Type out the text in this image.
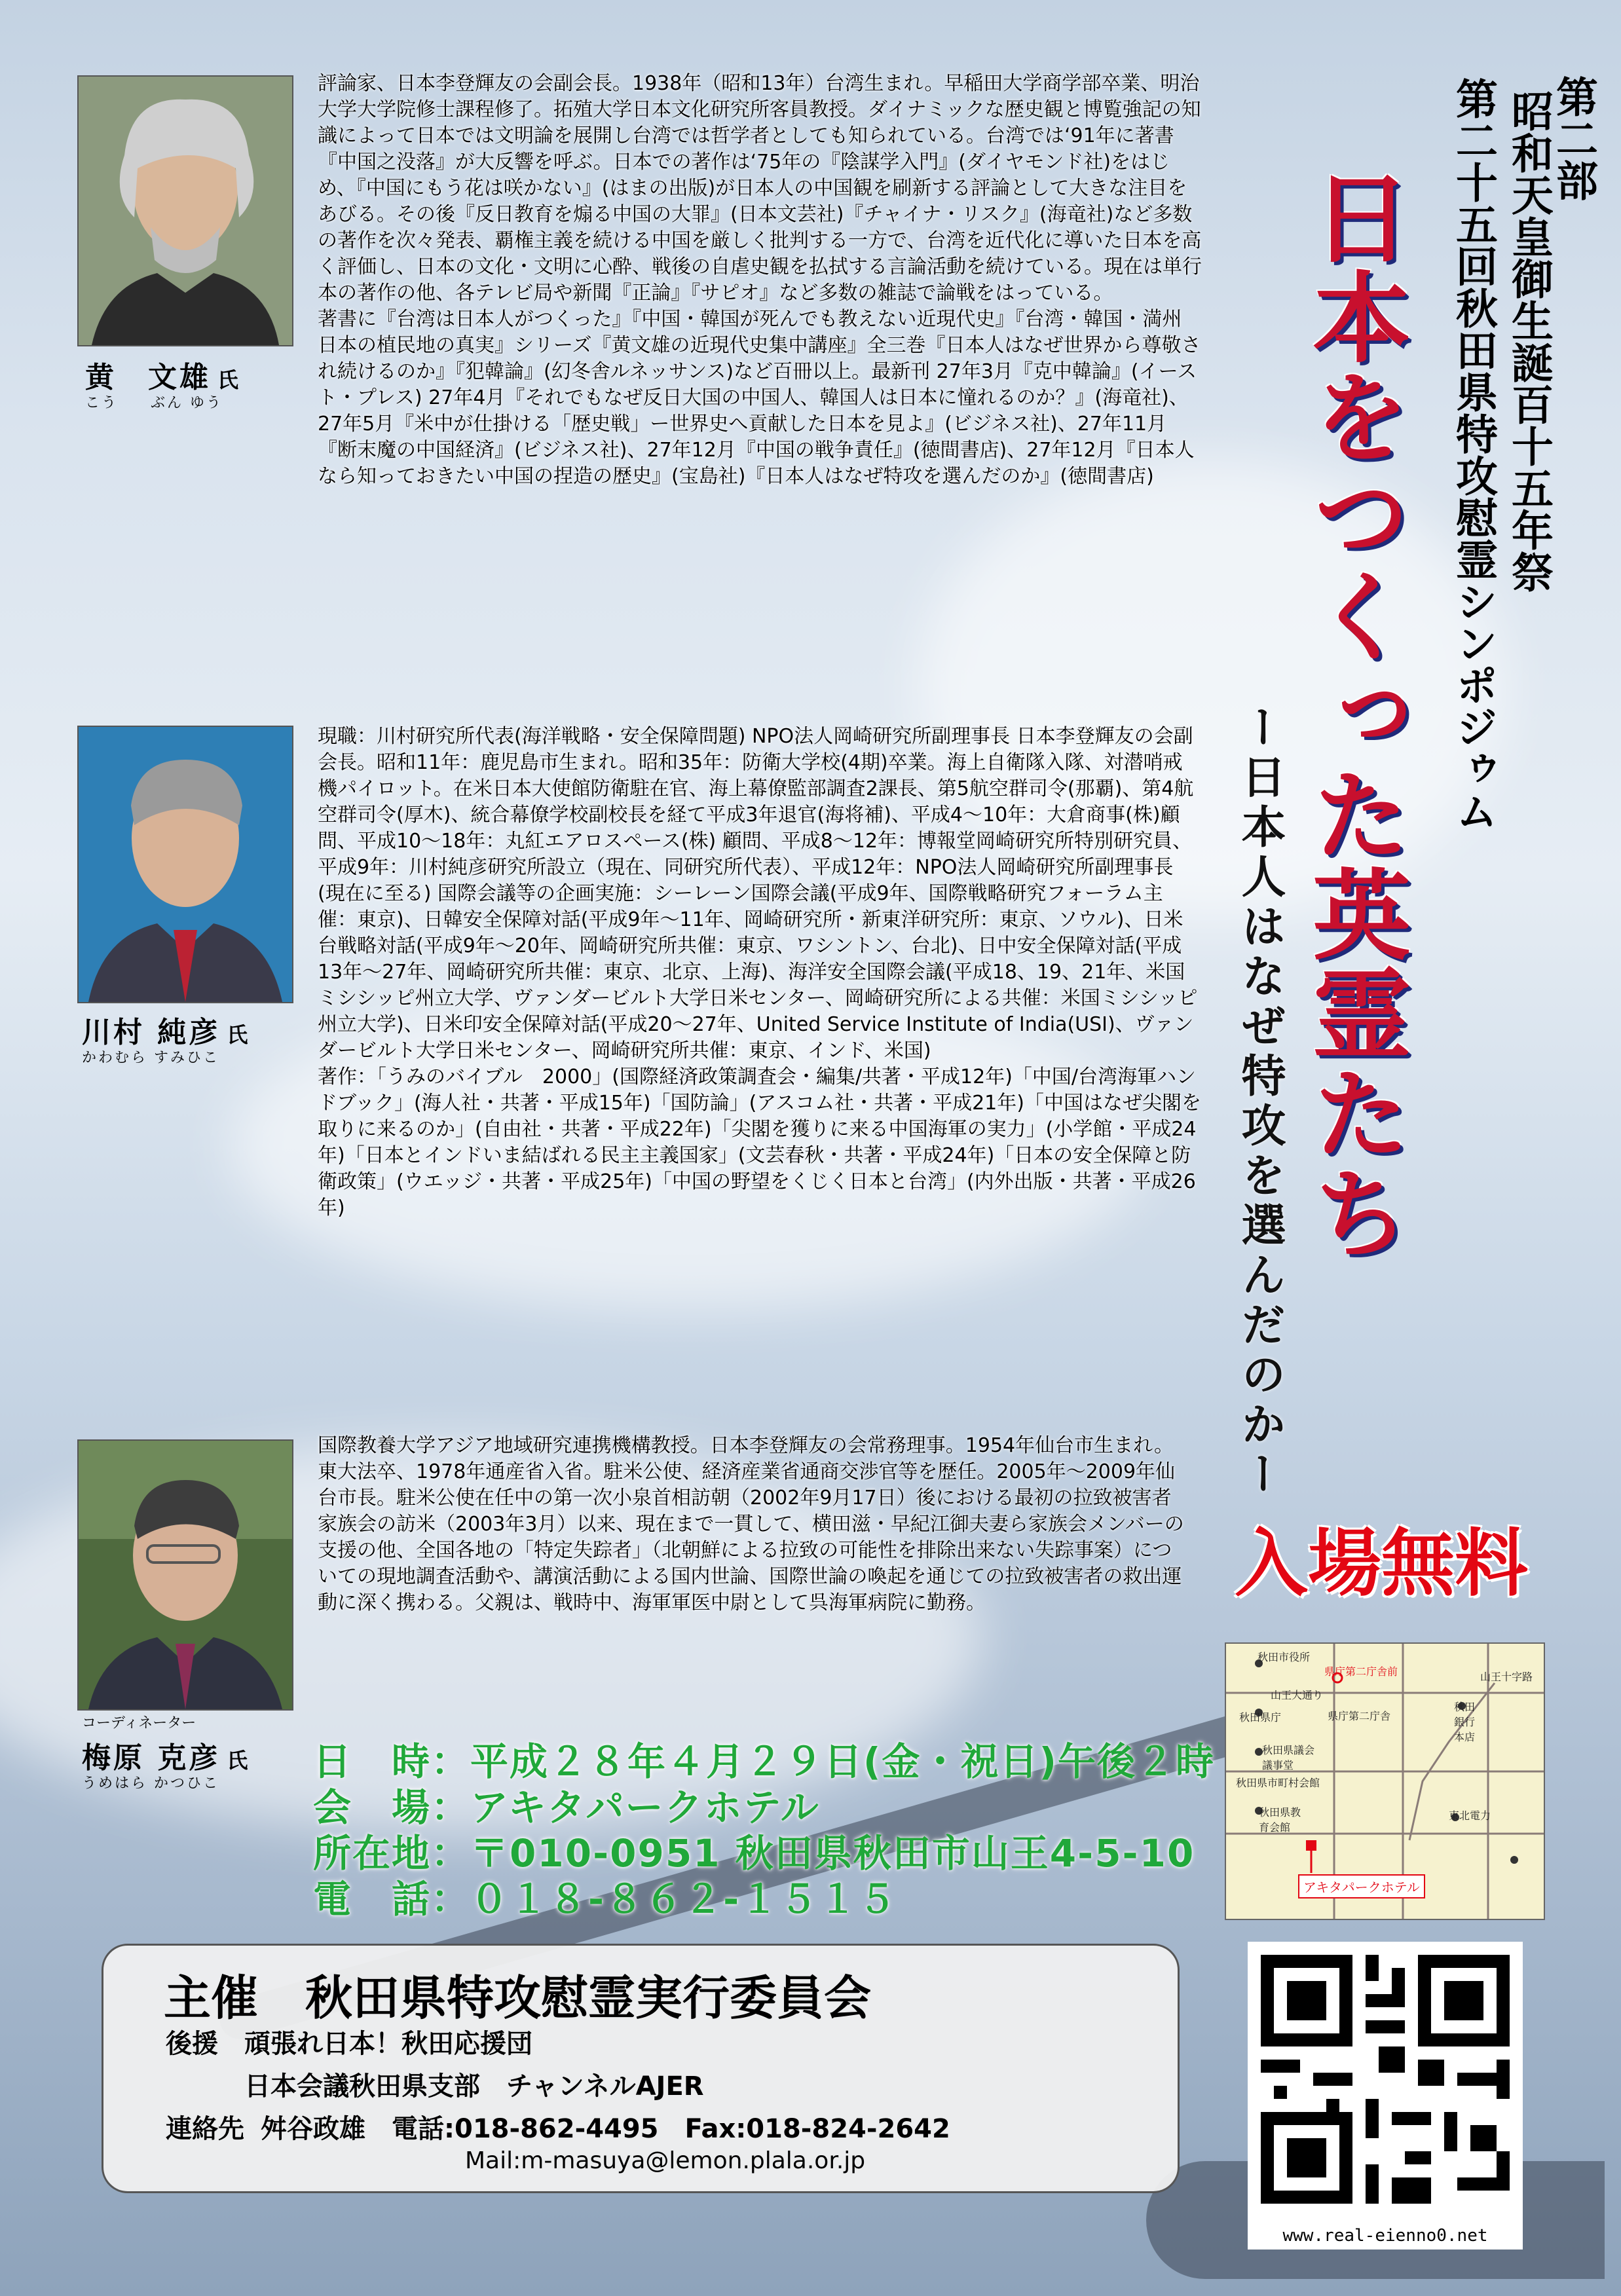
黄　文雄 氏
こう　　ぶん ゆう

評論家、日本李登輝友の会副会長。1938年（昭和13年）台湾生まれ。早稲田大学商学部卒業、明治大学大学院修士課程修了。拓殖大学日本文化研究所客員教授。ダイナミックな歴史観と博覧強記の知識によって日本では文明論を展開し台湾では哲学者としても知られている。台湾では‘91年に著書『中国之没落』が大反響を呼ぶ。日本での著作は‘75年の『陰謀学入門』(ダイヤモンド社)をはじめ、『中国にもう花は咲かない』(はまの出版)が日本人の中国観を刷新する評論として大きな注目をあびる。その後『反日教育を煽る中国の大罪』(日本文芸社)『チャイナ・リスク』(海竜社)など多数の著作を次々発表、覇権主義を続ける中国を厳しく批判する一方で、台湾を近代化に導いた日本を高く評価し、日本の文化・文明に心酔、戦後の自虐史観を払拭する言論活動を続けている。現在は単行本の著作の他、各テレビ局や新聞『正論』『サピオ』など多数の雑誌で論戦をはっている。

著書に『台湾は日本人がつくった』『中国・韓国が死んでも教えない近現代史』『台湾・韓国・満州　日本の植民地の真実』シリーズ『黄文雄の近現代史集中講座』全三巻『日本人はなぜ世界から尊敬され続けるのか』『犯韓論』(幻冬舎ルネッサンス)など百冊以上。最新刊 27年3月『克中韓論』(イースト・プレス) 27年4月『それでもなぜ反日大国の中国人、韓国人は日本に憧れるのか？』(海竜社)、27年5月『米中が仕掛ける「歴史戦」ー世界史へ貢献した日本を見よ』(ビジネス社)、27年11月『断末魔の中国経済』(ビジネス社)、27年12月『中国の戦争責任』(徳間書店)、27年12月『日本人なら知っておきたい中国の捏造の歴史』(宝島社)『日本人はなぜ特攻を選んだのか』(徳間書店)

川村 純彦 氏
かわむら すみひこ

現職：川村研究所代表(海洋戦略・安全保障問題) NPO法人岡崎研究所副理事長 日本李登輝友の会副会長。昭和11年：鹿児島市生まれ。昭和35年：防衛大学校(4期)卒業。海上自衛隊入隊、対潜哨戒機パイロット。在米日本大使館防衛駐在官、海上幕僚監部調査2課長、第5航空群司令(那覇)、第4航空群司令(厚木)、統合幕僚学校副校長を経て平成3年退官(海将補)、平成4～10年：大倉商事(株)顧問、平成10～18年：丸紅エアロスペース(株) 顧問、平成8～12年：博報堂岡崎研究所特別研究員、平成9年：川村純彦研究所設立（現在、同研究所代表）、平成12年：NPO法人岡崎研究所副理事長 (現在に至る) 国際会議等の企画実施：シーレーン国際会議(平成9年、国際戦略研究フォーラム主催：東京)、日韓安全保障対話(平成9年～11年、岡崎研究所・新東洋研究所：東京、ソウル)、日米台戦略対話(平成9年～20年、岡崎研究所共催：東京、ワシントン、台北)、日中安全保障対話(平成13年～27年、岡崎研究所共催：東京、北京、上海)、海洋安全国際会議(平成18、19、21年、米国ミシシッピ州立大学、ヴァンダービルト大学日米センター、岡崎研究所による共催：米国ミシシッピ州立大学)、日米印安全保障対話(平成20～27年、United Service Institute of India(USI)、ヴァンダービルト大学日米センター、岡崎研究所共催：東京、インド、米国)

著作：「うみのバイブル　2000」(国際経済政策調査会・編集/共著・平成12年)「中国/台湾海軍ハンドブック」(海人社・共著・平成15年)「国防論」(アスコム社・共著・平成21年)「中国はなぜ尖閣を取りに来るのか」(自由社・共著・平成22年)「尖閣を獲りに来る中国海軍の実力」(小学館・平成24年)「日本とインドいま結ばれる民主主義国家」(文芸春秋・共著・平成24年)「日本の安全保障と防衛政策」(ウエッジ・共著・平成25年)「中国の野望をくじく日本と台湾」(内外出版・共著・平成26年)

コーディネーター
梅原 克彦 氏
うめはら かつひこ

国際教養大学アジア地域研究連携機構教授。日本李登輝友の会常務理事。1954年仙台市生まれ。東大法卒、1978年通産省入省。駐米公使、経済産業省通商交渉官等を歴任。2005年～2009年仙台市長。駐米公使在任中の第一次小泉首相訪朝（2002年9月17日）後における最初の拉致被害者家族会の訪米（2003年3月）以来、現在まで一貫して、横田滋・早紀江御夫妻ら家族会メンバーの支援の他、全国各地の「特定失踪者」（北朝鮮による拉致の可能性を排除出来ない失踪事案）についての現地調査活動や、講演活動による国内世論、国際世論の喚起を通じての拉致被害者の救出運動に深く携わる。父親は、戦時中、海軍軍医中尉として呉海軍病院に勤務。

第二部
昭和天皇御生誕百十五年祭
第二十五回秋田県特攻慰霊シンポジゥム
日本をつくった英霊たち
ー日本人はなぜ特攻を選んだのかー
入場無料
日　時：平成２８年４月２９日(金・祝日)午後２時
会　場：アキタパークホテル
所在地：〒010-0951 秋田県秋田市山王4-5-10
電　話：０１８-８６２-１５１５
秋田市役所
県庁第二庁舎前	山王十字路
山王大通り
秋田県庁	県庁第二庁舎
秋田銀行本店
秋田県議会議事堂
秋田県市町村会館
秋田県教育会館
東北電力
アキタパークホテル
主催　秋田県特攻慰霊実行委員会
後援 頑張れ日本！秋田応援団
日本会議秋田県支部　チャンネルAJER
連絡先 舛谷政雄　電話:018-862-4495　Fax:018-824-2642
Mail:m-masuya@lemon.plala.or.jp
www.real-eienno0.net
